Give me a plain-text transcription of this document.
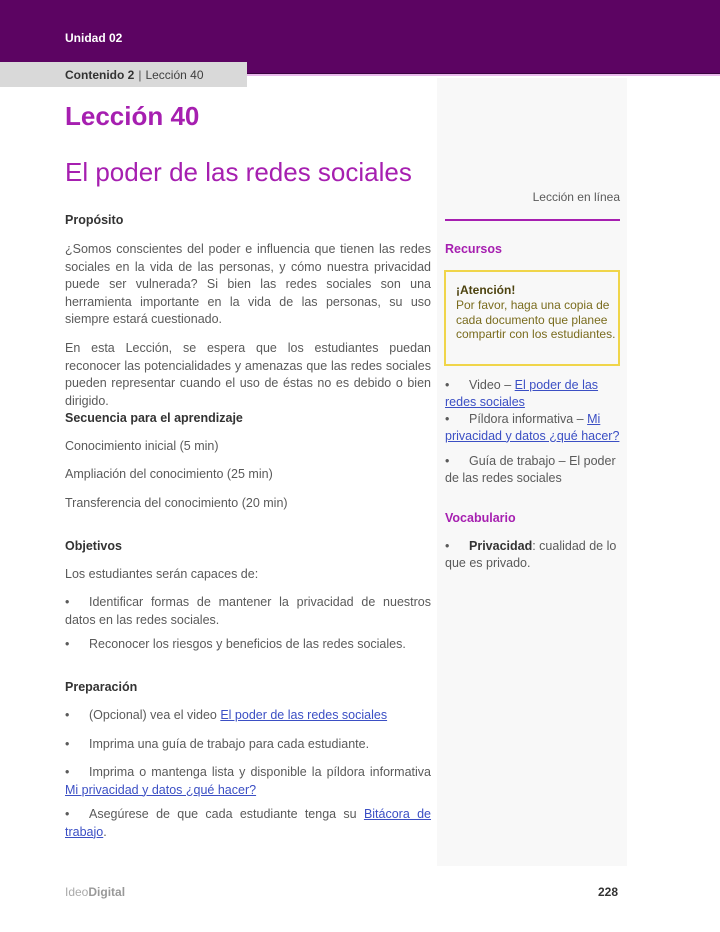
Unidad 02
Contenido 2 | Lección 40
Lección 40
El poder de las redes sociales
Propósito
¿Somos conscientes del poder e influencia que tienen las redes sociales en la vida de las personas, y cómo nuestra privacidad puede ser vulnerada? Si bien las redes sociales son una herramienta importante en la vida de las personas, su uso siempre estará cuestionado.
En esta Lección, se espera que los estudiantes puedan reconocer las potencialidades y amenazas que las redes sociales pueden representar cuando el uso de éstas no es debido o bien dirigido.
Secuencia para el aprendizaje
Conocimiento inicial (5 min)
Ampliación del conocimiento (25 min)
Transferencia del conocimiento (20 min)
Objetivos
Los estudiantes serán capaces de:
• Identificar formas de mantener la privacidad de nuestros datos en las redes sociales.
• Reconocer los riesgos y beneficios de las redes sociales.
Preparación
• (Opcional) vea el video El poder de las redes sociales
• Imprima una guía de trabajo para cada estudiante.
• Imprima o mantenga lista y disponible la píldora informativa Mi privacidad y datos ¿qué hacer?
• Asegúrese de que cada estudiante tenga su Bitácora de trabajo.
Lección en línea
Recursos
¡Atención!
Por favor, haga una copia de cada documento que planee compartir con los estudiantes.
• Video – El poder de las redes sociales
• Píldora informativa – Mi privacidad y datos ¿qué hacer?
• Guía de trabajo – El poder de las redes sociales
Vocabulario
• Privacidad: cualidad de lo que es privado.
IdeoDigital	228
